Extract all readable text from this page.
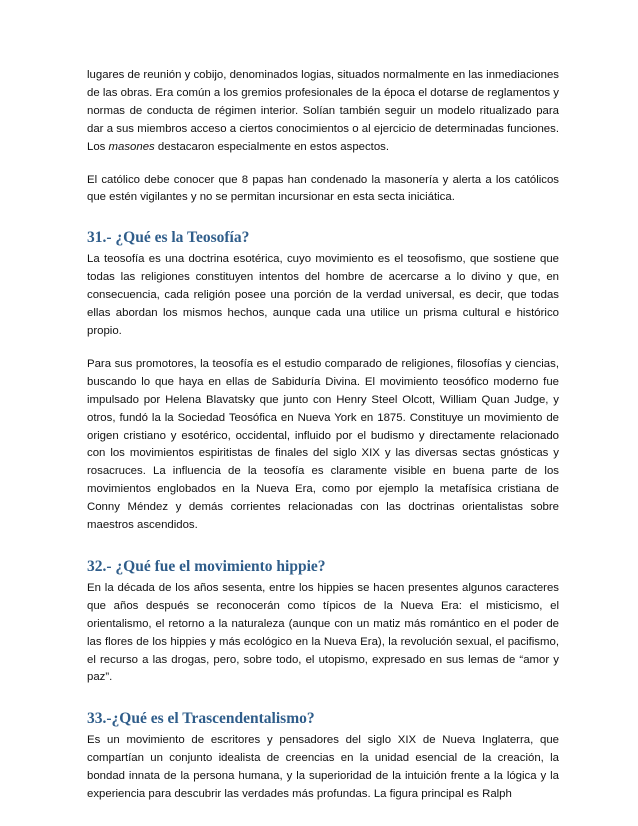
lugares de reunión y cobijo, denominados logias, situados normalmente en las inmediaciones de las obras. Era común a los gremios profesionales de la época el dotarse de reglamentos y normas de conducta de régimen interior. Solían también seguir un modelo ritualizado para dar a sus miembros acceso a ciertos conocimientos o al ejercicio de determinadas funciones. Los masones destacaron especialmente en estos aspectos.

El católico debe conocer que 8 papas han condenado la masonería y alerta a los católicos que estén vigilantes y no se permitan incursionar en esta secta iniciática.

31.- ¿Qué es la Teosofía?

La teosofía es una doctrina esotérica, cuyo movimiento es el teosofismo, que sostiene que todas las religiones constituyen intentos del hombre de acercarse a lo divino y que, en consecuencia, cada religión posee una porción de la verdad universal, es decir, que todas ellas abordan los mismos hechos, aunque cada una utilice un prisma cultural e histórico propio.

Para sus promotores, la teosofía es el estudio comparado de religiones, filosofías y ciencias, buscando lo que haya en ellas de Sabiduría Divina. El movimiento teosófico moderno fue impulsado por Helena Blavatsky que junto con Henry Steel Olcott, William Quan Judge, y otros, fundó la la Sociedad Teosófica en Nueva York en 1875. Constituye un movimiento de origen cristiano y esotérico, occidental, influido por el budismo y directamente relacionado con los movimientos espiritistas de finales del siglo XIX y las diversas sectas gnósticas y rosacruces. La influencia de la teosofía es claramente visible en buena parte de los movimientos englobados en la Nueva Era, como por ejemplo la metafísica cristiana de Conny Méndez y demás corrientes relacionadas con las doctrinas orientalistas sobre maestros ascendidos.

32.- ¿Qué fue el movimiento hippie?

En la década de los años sesenta, entre los hippies se hacen presentes algunos caracteres que años después se reconocerán como típicos de la Nueva Era: el misticismo, el orientalismo, el retorno a la naturaleza (aunque con un matiz más romántico en el poder de las flores de los hippies y más ecológico en la Nueva Era), la revolución sexual, el pacifismo, el recurso a las drogas, pero, sobre todo, el utopismo, expresado en sus lemas de “amor y paz”.

33.-¿Qué es el Trascendentalismo?

Es un movimiento de escritores y pensadores del siglo XIX de Nueva Inglaterra, que compartían un conjunto idealista de creencias en la unidad esencial de la creación, la bondad innata de la persona humana, y la superioridad de la intuición frente a la lógica y la experiencia para descubrir las verdades más profundas. La figura principal es Ralph
